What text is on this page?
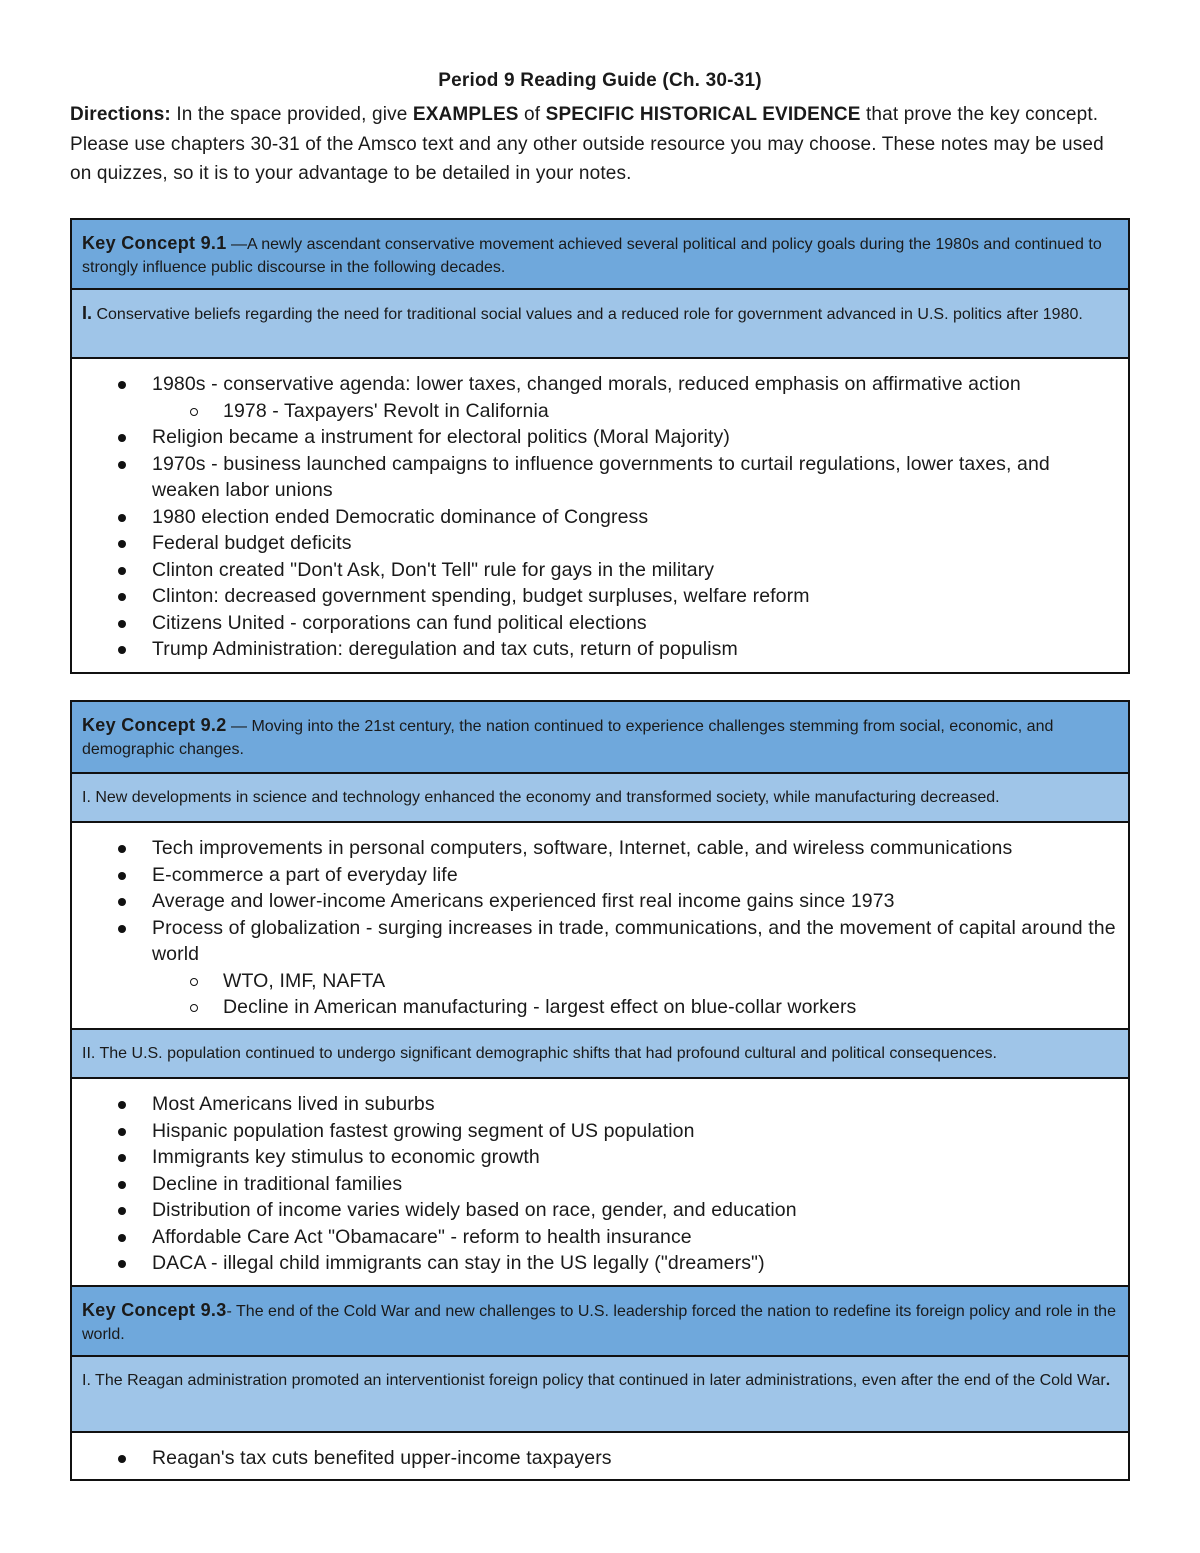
Period 9 Reading Guide (Ch. 30-31)
Directions: In the space provided, give EXAMPLES of SPECIFIC HISTORICAL EVIDENCE that prove the key concept. Please use chapters 30-31 of the Amsco text and any other outside resource you may choose. These notes may be used on quizzes, so it is to your advantage to be detailed in your notes.
Key Concept 9.1 —A newly ascendant conservative movement achieved several political and policy goals during the 1980s and continued to strongly influence public discourse in the following decades.
I. Conservative beliefs regarding the need for traditional social values and a reduced role for government advanced in U.S. politics after 1980.
1980s - conservative agenda: lower taxes, changed morals, reduced emphasis on affirmative action
1978 - Taxpayers' Revolt in California
Religion became a instrument for electoral politics (Moral Majority)
1970s - business launched campaigns to influence governments to curtail regulations, lower taxes, and weaken labor unions
1980 election ended Democratic dominance of Congress
Federal budget deficits
Clinton created "Don't Ask, Don't Tell" rule for gays in the military
Clinton: decreased government spending, budget surpluses, welfare reform
Citizens United - corporations can fund political elections
Trump Administration: deregulation and tax cuts, return of populism
Key Concept 9.2 — Moving into the 21st century, the nation continued to experience challenges stemming from social, economic, and demographic changes.
I. New developments in science and technology enhanced the economy and transformed society, while manufacturing decreased.
Tech improvements in personal computers, software, Internet, cable, and wireless communications
E-commerce a part of everyday life
Average and lower-income Americans experienced first real income gains since 1973
Process of globalization - surging increases in trade, communications, and the movement of capital around the world
WTO, IMF, NAFTA
Decline in American manufacturing - largest effect on blue-collar workers
II. The U.S. population continued to undergo significant demographic shifts that had profound cultural and political consequences.
Most Americans lived in suburbs
Hispanic population fastest growing segment of US population
Immigrants key stimulus to economic growth
Decline in traditional families
Distribution of income varies widely based on race, gender, and education
Affordable Care Act "Obamacare" - reform to health insurance
DACA - illegal child immigrants can stay in the US legally ("dreamers")
Key Concept 9.3- The end of the Cold War and new challenges to U.S. leadership forced the nation to redefine its foreign policy and role in the world.
I. The Reagan administration promoted an interventionist foreign policy that continued in later administrations, even after the end of the Cold War.
Reagan's tax cuts benefited upper-income taxpayers
